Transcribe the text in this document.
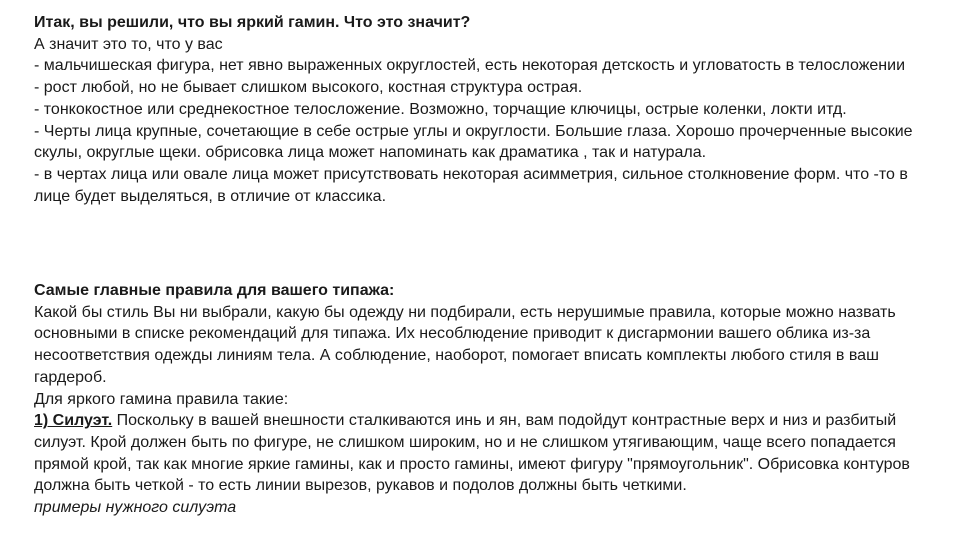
Итак, вы решили, что вы яркий гамин. Что это значит?

А значит это то, что у вас

- мальчишеская фигура, нет явно выраженных округлостей, есть некоторая детскость и угловатость в телосложении

- рост любой, но не бывает слишком высокого, костная структура острая.

- тонкокостное или среднекостное телосложение. Возможно, торчащие ключицы, острые коленки, локти итд.

- Черты лица крупные, сочетающие в себе острые углы и округлости. Большие глаза. Хорошо прочерченные высокие скулы, округлые щеки. обрисовка лица может напоминать как драматика , так и натурала.

- в чертах лица или овале лица может присутствовать некоторая асимметрия, сильное столкновение форм. что -то в лице будет выделяться, в отличие от классика.

Самые главные правила для вашего типажа:

Какой бы стиль Вы ни выбрали, какую бы одежду ни подбирали, есть нерушимые правила, которые можно назвать основными в списке рекомендаций для типажа. Их несоблюдение приводит к дисгармонии вашего облика из-за несоответствия одежды линиям тела. А соблюдение, наоборот, помогает вписать комплекты любого стиля в ваш гардероб.

Для яркого гамина правила такие:

1) Силуэт. Поскольку в вашей внешности сталкиваются инь и ян, вам подойдут контрастные верх и низ и разбитый силуэт. Крой должен быть по фигуре, не слишком широким, но и не слишком утягивающим, чаще всего попадается прямой крой, так как многие яркие гамины, как и просто гамины, имеют фигуру "прямоугольник". Обрисовка контуров должна быть четкой - то есть линии вырезов, рукавов и подолов должны быть четкими.

примеры нужного силуэта
